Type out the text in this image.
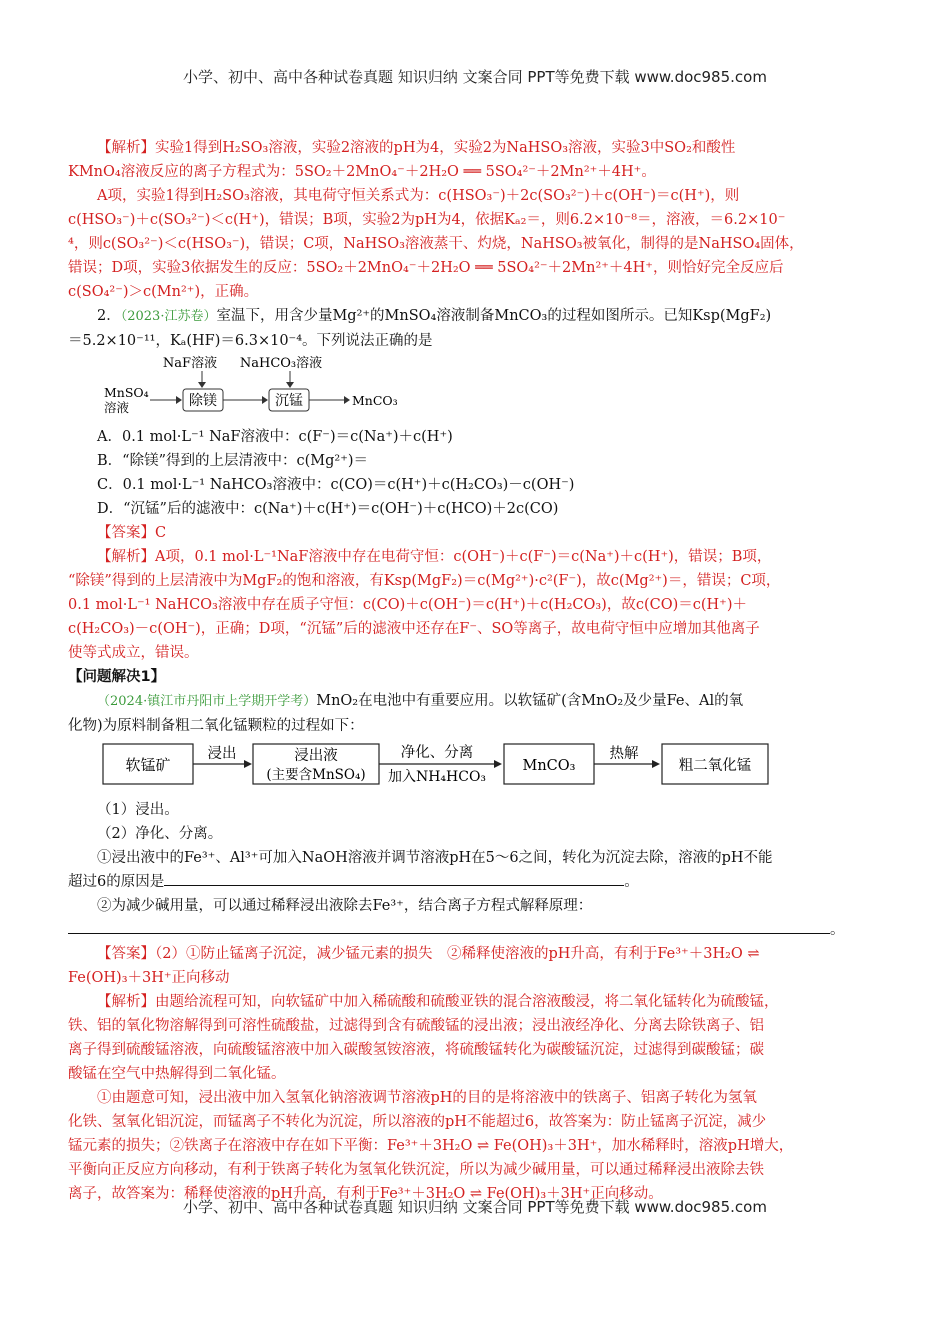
小学、初中、高中各种试卷真题 知识归纳 文案合同 PPT等免费下载 www.doc985.com

【解析】实验1得到H₂SO₃溶液，实验2溶液的pH为4，实验2为NaHSO₃溶液，实验3中SO₂和酸性

KMnO₄溶液反应的离子方程式为：5SO₂＋2MnO₄⁻＋2H₂O ══ 5SO₄²⁻＋2Mn²⁺＋4H⁺。

A项，实验1得到H₂SO₃溶液，其电荷守恒关系式为：c(HSO₃⁻)＋2c(SO₃²⁻)＋c(OH⁻)＝c(H⁺)，则

c(HSO₃⁻)＋c(SO₃²⁻)＜c(H⁺)，错误；B项，实验2为pH为4，依据Kₐ₂＝，则6.2×10⁻⁸＝，溶液，＝6.2×10⁻

⁴，则c(SO₃²⁻)＜c(HSO₃⁻)，错误；C项，NaHSO₃溶液蒸干、灼烧，NaHSO₃被氧化，制得的是NaHSO₄固体，

错误；D项，实验3依据发生的反应：5SO₂＋2MnO₄⁻＋2H₂O ══ 5SO₄²⁻＋2Mn²⁺＋4H⁺，则恰好完全反应后

c(SO₄²⁻)＞c(Mn²⁺)，正确。

2．（2023·江苏卷）室温下，用含少量Mg²⁺的MnSO₄溶液制备MnCO₃的过程如图所示。已知Ksp(MgF₂)

＝5.2×10⁻¹¹，Kₐ(HF)＝6.3×10⁻⁴。下列说法正确的是

NaF溶液 NaHCO₃溶液
MnSO₄
溶液	除镁	沉锰	MnCO₃

A．0.1 mol·L⁻¹ NaF溶液中：c(F⁻)＝c(Na⁺)＋c(H⁺)

B．“除镁”得到的上层清液中：c(Mg²⁺)＝

C．0.1 mol·L⁻¹ NaHCO₃溶液中：c(CO)＝c(H⁺)＋c(H₂CO₃)－c(OH⁻)

D．“沉锰”后的滤液中：c(Na⁺)＋c(H⁺)＝c(OH⁻)＋c(HCO)＋2c(CO)

【答案】C

【解析】A项，0.1 mol·L⁻¹NaF溶液中存在电荷守恒：c(OH⁻)＋c(F⁻)＝c(Na⁺)＋c(H⁺)，错误；B项，

“除镁”得到的上层清液中为MgF₂的饱和溶液，有Ksp(MgF₂)＝c(Mg²⁺)·c²(F⁻)，故c(Mg²⁺)＝，错误；C项，

0.1 mol·L⁻¹ NaHCO₃溶液中存在质子守恒：c(CO)＋c(OH⁻)＝c(H⁺)＋c(H₂CO₃)，故c(CO)＝c(H⁺)＋

c(H₂CO₃)－c(OH⁻)，正确；D项，“沉锰”后的滤液中还存在F⁻、SO等离子，故电荷守恒中应增加其他离子

使等式成立，错误。

【问题解决1】

（2024·镇江市丹阳市上学期开学考）MnO₂在电池中有重要应用。以软锰矿(含MnO₂及少量Fe、Al的氧

化物)为原料制备粗二氧化锰颗粒的过程如下：

软锰矿
浸出	浸出液
(主要含MnSO₄)
净化、分离
加入NH₄HCO₃
MnCO₃
热解
粗二氧化锰

（1）浸出。

（2）净化、分离。

①浸出液中的Fe³⁺、Al³⁺可加入NaOH溶液并调节溶液pH在5～6之间，转化为沉淀去除，溶液的pH不能

超过6的原因是	。

②为减少碱用量，可以通过稀释浸出液除去Fe³⁺，结合离子方程式解释原理：

。

【答案】（2）①防止锰离子沉淀，减少锰元素的损失　②稀释使溶液的pH升高，有利于Fe³⁺＋3H₂O ⇌

Fe(OH)₃＋3H⁺正向移动

【解析】由题给流程可知，向软锰矿中加入稀硫酸和硫酸亚铁的混合溶液酸浸，将二氧化锰转化为硫酸锰，

铁、铝的氧化物溶解得到可溶性硫酸盐，过滤得到含有硫酸锰的浸出液；浸出液经净化、分离去除铁离子、铝

离子得到硫酸锰溶液，向硫酸锰溶液中加入碳酸氢铵溶液，将硫酸锰转化为碳酸锰沉淀，过滤得到碳酸锰；碳

酸锰在空气中热解得到二氧化锰。

①由题意可知，浸出液中加入氢氧化钠溶液调节溶液pH的目的是将溶液中的铁离子、铝离子转化为氢氧

化铁、氢氧化铝沉淀，而锰离子不转化为沉淀，所以溶液的pH不能超过6，故答案为：防止锰离子沉淀，减少

锰元素的损失；②铁离子在溶液中存在如下平衡：Fe³⁺＋3H₂O ⇌ Fe(OH)₃＋3H⁺，加水稀释时，溶液pH增大，

平衡向正反应方向移动，有利于铁离子转化为氢氧化铁沉淀，所以为减少碱用量，可以通过稀释浸出液除去铁

离子，故答案为：稀释使溶液的pH升高，有利于Fe³⁺＋3H₂O ⇌ Fe(OH)₃＋3H⁺正向移动。

小学、初中、高中各种试卷真题 知识归纳 文案合同 PPT等免费下载 www.doc985.com
